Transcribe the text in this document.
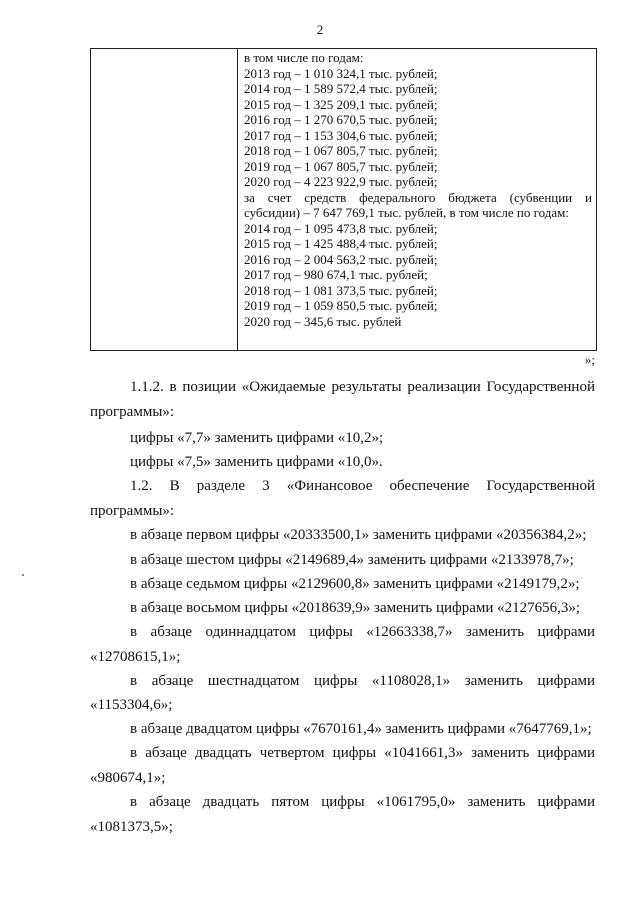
2
в том числе по годам:
2013 год – 1 010 324,1 тыс. рублей;
2014 год – 1 589 572,4 тыс. рублей;
2015 год – 1 325 209,1 тыс. рублей;
2016 год – 1 270 670,5 тыс. рублей;
2017 год – 1 153 304,6 тыс. рублей;
2018 год – 1 067 805,7 тыс. рублей;
2019 год – 1 067 805,7 тыс. рублей;
2020 год – 4 223 922,9 тыс. рублей;
за счет средств федерального бюджета (субвенции и субсидии) – 7 647 769,1 тыс. рублей, в том числе по годам:
2014 год – 1 095 473,8 тыс. рублей;
2015 год – 1 425 488,4 тыс. рублей;
2016 год – 2 004 563,2 тыс. рублей;
2017 год – 980 674,1 тыс. рублей;
2018 год – 1 081 373,5 тыс. рублей;
2019 год – 1 059 850,5 тыс. рублей;
2020 год – 345,6 тыс. рублей
»;
1.1.2. в позиции «Ожидаемые результаты реализации Государственной
программы»:
цифры «7,7» заменить цифрами «10,2»;
цифры «7,5» заменить цифрами «10,0».
1.2. В разделе 3 «Финансовое обеспечение Государственной
программы»:
в абзаце первом цифры «20333500,1» заменить цифрами «20356384,2»;
в абзаце шестом цифры «2149689,4» заменить цифрами «2133978,7»;
в абзаце седьмом цифры «2129600,8» заменить цифрами «2149179,2»;
в абзаце восьмом цифры «2018639,9» заменить цифрами «2127656,3»;
в абзаце одиннадцатом цифры «12663338,7» заменить цифрами
«12708615,1»;
в абзаце шестнадцатом цифры «1108028,1» заменить цифрами
«1153304,6»;
в абзаце двадцатом цифры «7670161,4» заменить цифрами «7647769,1»;
в абзаце двадцать четвертом цифры «1041661,3» заменить цифрами
«980674,1»;
в абзаце двадцать пятом цифры «1061795,0» заменить цифрами
«1081373,5»;
